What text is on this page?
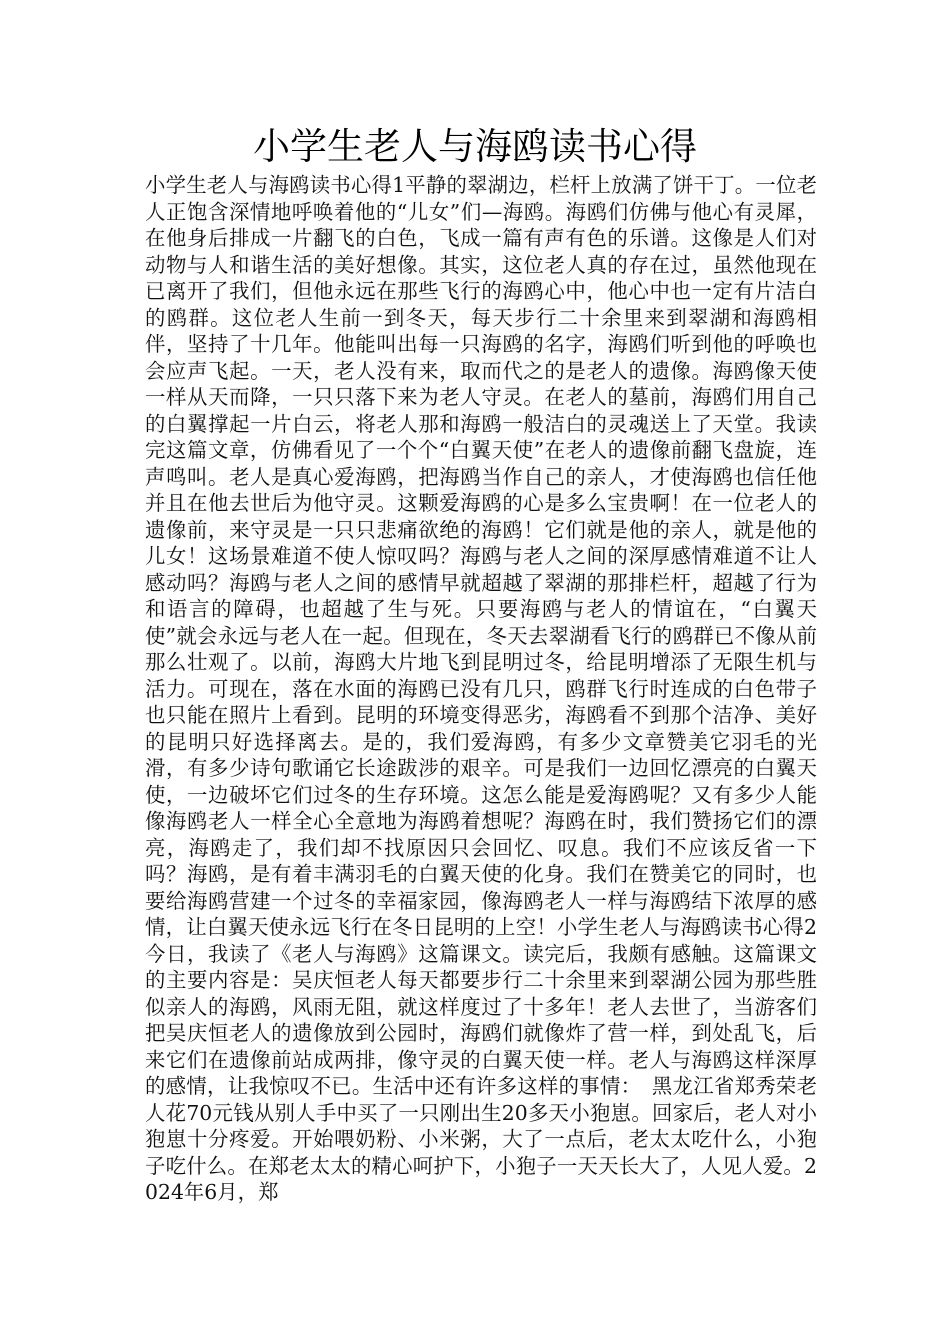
小学生老人与海鸥读书心得

小学生老人与海鸥读书心得1平静的翠湖边，栏杆上放满了饼干丁。一位老人正饱含深情地呼唤着他的“儿女”们—海鸥。海鸥们仿佛与他心有灵犀，在他身后排成一片翻飞的白色，飞成一篇有声有色的乐谱。这像是人们对动物与人和谐生活的美好想像。其实，这位老人真的存在过，虽然他现在已离开了我们，但他永远在那些飞行的海鸥心中，他心中也一定有片洁白的鸥群。这位老人生前一到冬天，每天步行二十余里来到翠湖和海鸥相伴，坚持了十几年。他能叫出每一只海鸥的名字，海鸥们听到他的呼唤也会应声飞起。一天，老人没有来，取而代之的是老人的遗像。海鸥像天使一样从天而降，一只只落下来为老人守灵。在老人的墓前，海鸥们用自己的白翼撑起一片白云，将老人那和海鸥一般洁白的灵魂送上了天堂。我读完这篇文章，仿佛看见了一个个“白翼天使”在老人的遗像前翻飞盘旋，连声鸣叫。老人是真心爱海鸥，把海鸥当作自己的亲人，才使海鸥也信任他并且在他去世后为他守灵。这颗爱海鸥的心是多么宝贵啊！在一位老人的遗像前，来守灵是一只只悲痛欲绝的海鸥！它们就是他的亲人，就是他的儿女！这场景难道不使人惊叹吗？海鸥与老人之间的深厚感情难道不让人感动吗？海鸥与老人之间的感情早就超越了翠湖的那排栏杆，超越了行为和语言的障碍，也超越了生与死。只要海鸥与老人的情谊在，“白翼天使”就会永远与老人在一起。但现在，冬天去翠湖看飞行的鸥群已不像从前那么壮观了。以前，海鸥大片地飞到昆明过冬，给昆明增添了无限生机与活力。可现在，落在水面的海鸥已没有几只，鸥群飞行时连成的白色带子也只能在照片上看到。昆明的环境变得恶劣，海鸥看不到那个洁净、美好的昆明只好选择离去。是的，我们爱海鸥，有多少文章赞美它羽毛的光滑，有多少诗句歌诵它长途跋涉的艰辛。可是我们一边回忆漂亮的白翼天使，一边破坏它们过冬的生存环境。这怎么能是爱海鸥呢？又有多少人能像海鸥老人一样全心全意地为海鸥着想呢？海鸥在时，我们赞扬它们的漂亮，海鸥走了，我们却不找原因只会回忆、叹息。我们不应该反省一下吗？海鸥，是有着丰满羽毛的白翼天使的化身。我们在赞美它的同时，也要给海鸥营建一个过冬的幸福家园，像海鸥老人一样与海鸥结下浓厚的感情，让白翼天使永远飞行在冬日昆明的上空！小学生老人与海鸥读书心得2今日，我读了《老人与海鸥》这篇课文。读完后，我颇有感触。这篇课文的主要内容是：吴庆恒老人每天都要步行二十余里来到翠湖公园为那些胜似亲人的海鸥，风雨无阻，就这样度过了十多年！老人去世了，当游客们把吴庆恒老人的遗像放到公园时，海鸥们就像炸了营一样，到处乱飞，后来它们在遗像前站成两排，像守灵的白翼天使一样。老人与海鸥这样深厚的感情，让我惊叹不已。生活中还有许多这样的事情：　黑龙江省郑秀荣老人花70元钱从别人手中买了一只刚出生20多天小狍崽。回家后，老人对小狍崽十分疼爱。开始喂奶粉、小米粥，大了一点后，老太太吃什么，小狍子吃什么。在郑老太太的精心呵护下，小狍子一天天长大了，人见人爱。2024年6月，郑
